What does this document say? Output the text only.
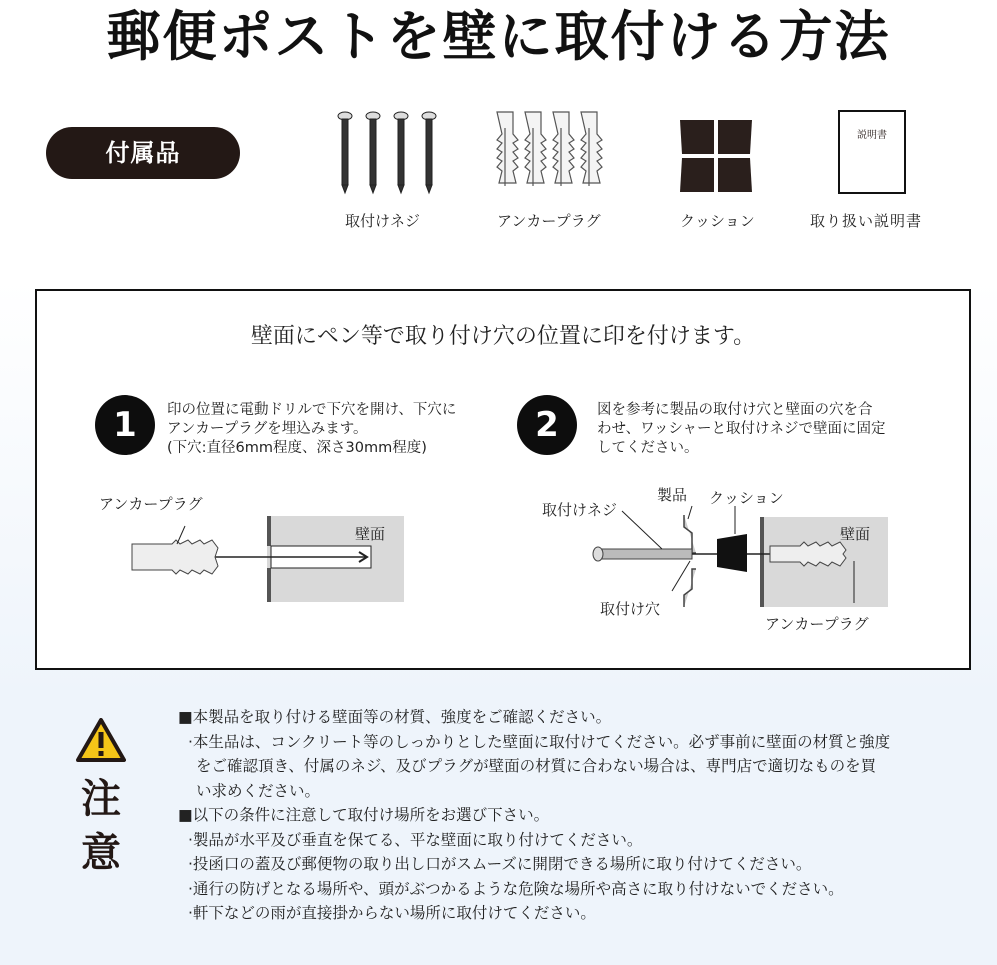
郵便ポストを壁に取付ける方法
付属品
取付けネジ	アンカープラグ	クッション
説明書
取り扱い説明書
壁面にペン等で取り付け穴の位置に印を付けます。
1	印の位置に電動ドリルで下穴を開け、下穴に
アンカープラグを埋込みます。
(下穴:直径6mm程度、深さ30mm程度)
アンカープラグ
壁面
2	図を参考に製品の取付け穴と壁面の穴を合
わせ、ワッシャーと取付けネジで壁面に固定
してください。
取付けネジ
製品 クッション
壁面
取付け穴
アンカープラグ
注
意
■ 本製品を取り付ける壁面等の材質、強度をご確認ください。
·本生品は、コンクリート等のしっかりとした壁面に取付けてください。必ず事前に壁面の材質と強度
をご確認頂き、付属のネジ、及びプラグが壁面の材質に合わない場合は、専門店で適切なものを買
い求めください。
■ 以下の条件に注意して取付け場所をお選び下さい。
·製品が水平及び垂直を保てる、平な壁面に取り付けてください。
·投函口の蓋及び郵便物の取り出し口がスムーズに開閉できる場所に取り付けてください。
·通行の防げとなる場所や、頭がぶつかるような危険な場所や高さに取り付けないでください。
·軒下などの雨が直接掛からない場所に取付けてください。
